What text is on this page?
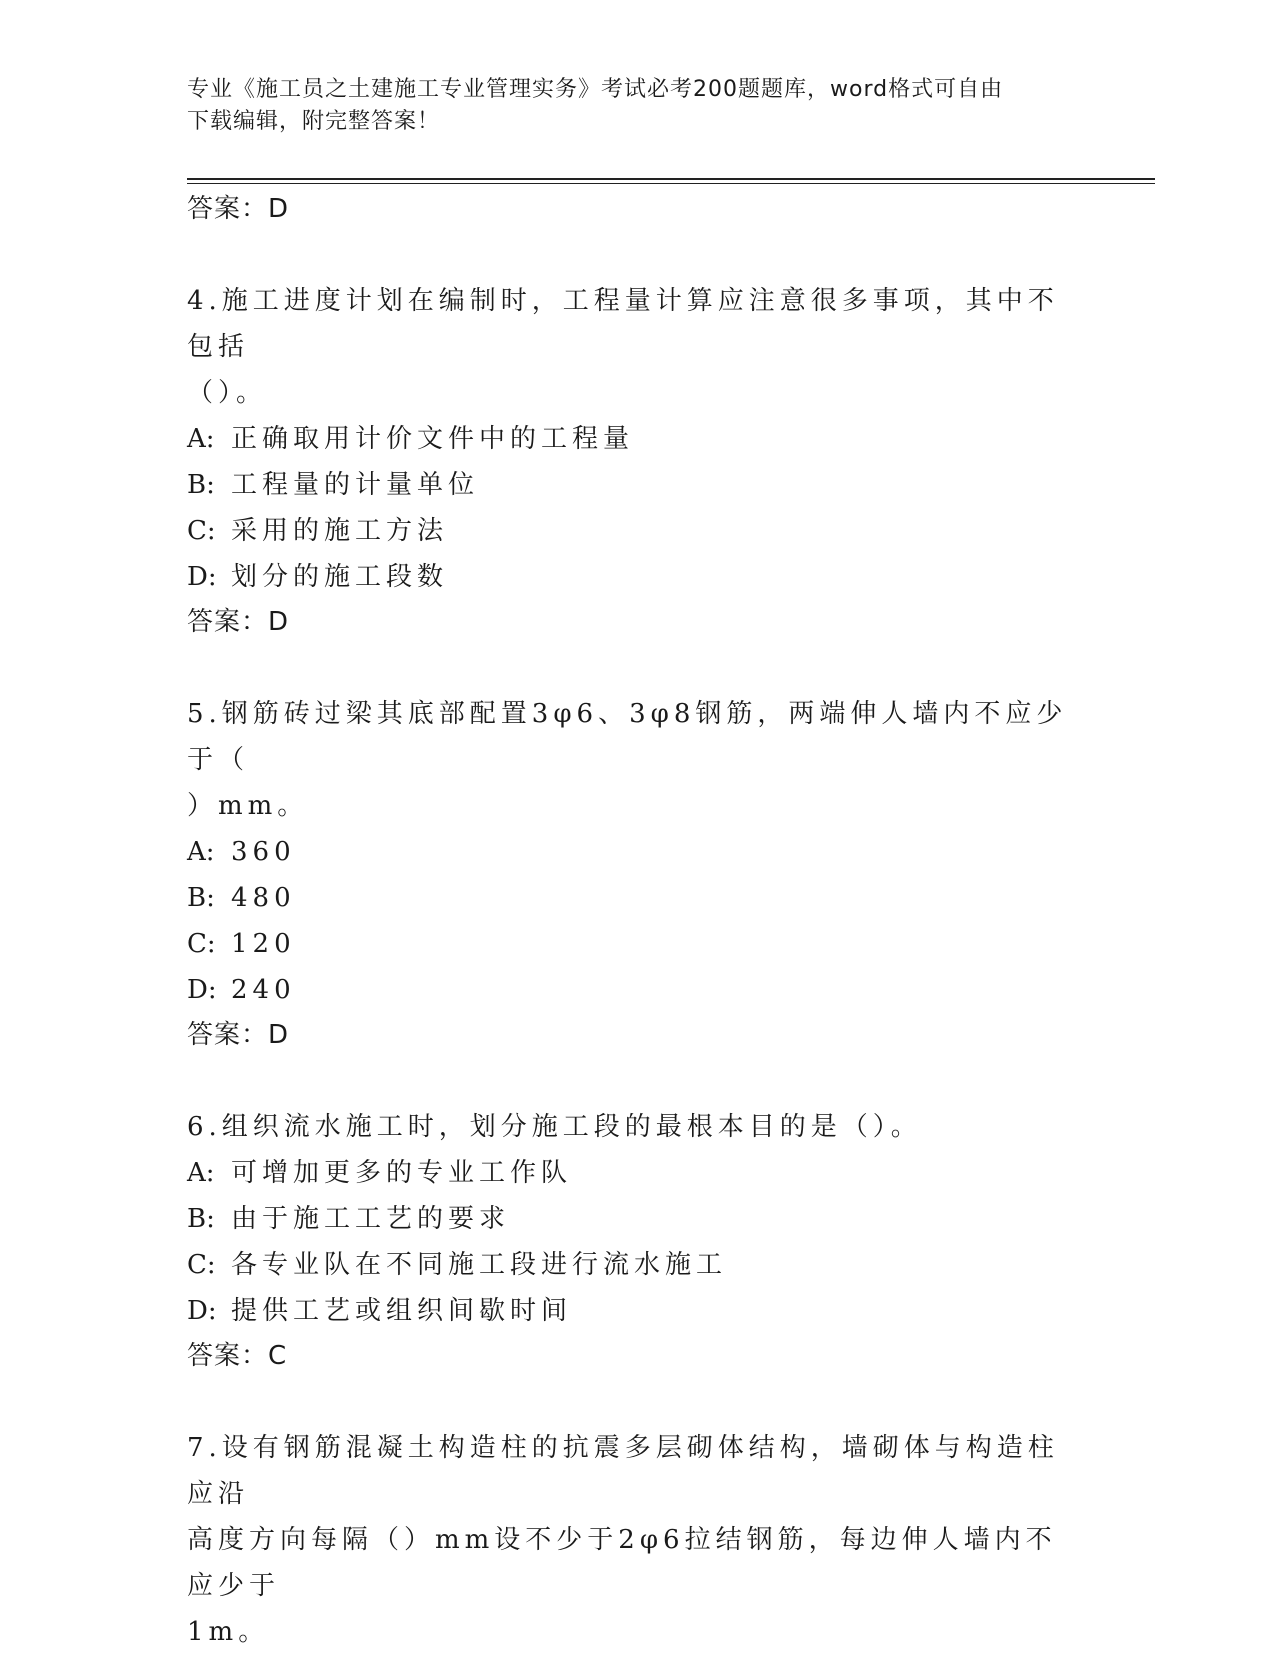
专业《施工员之土建施工专业管理实务》考试必考200题题库，word格式可自由
下载编辑，附完整答案！
答案：D
4.施工进度计划在编制时，工程量计算应注意很多事项，其中不包括
（）。
A: 正确取用计价文件中的工程量
B: 工程量的计量单位
C: 采用的施工方法
D: 划分的施工段数
答案：D
5.钢筋砖过梁其底部配置3φ6、3φ8钢筋，两端伸人墙内不应少于（
）mm。
A: 360
B: 480
C: 120
D: 240
答案：D
6.组织流水施工时，划分施工段的最根本目的是（）。
A: 可增加更多的专业工作队
B: 由于施工工艺的要求
C: 各专业队在不同施工段进行流水施工
D: 提供工艺或组织间歇时间
答案：C
7.设有钢筋混凝土构造柱的抗震多层砌体结构，墙砌体与构造柱应沿
高度方向每隔（）mm设不少于2φ6拉结钢筋，每边伸人墙内不应少于
1m。
